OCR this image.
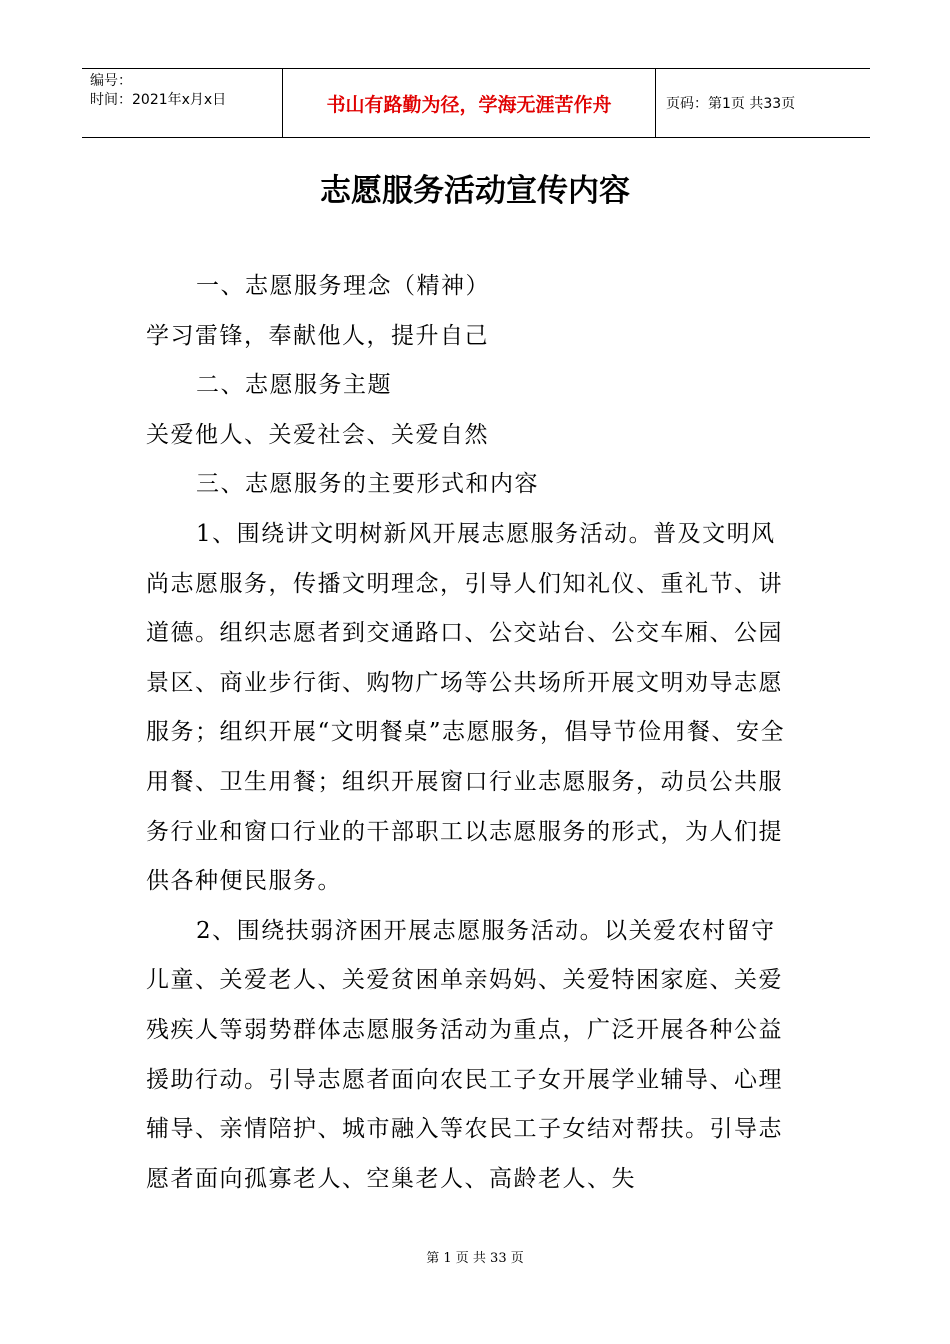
编号：
时间：2021年x月x日	书山有路勤为径，学海无涯苦作舟	页码：第1页 共33页
志愿服务活动宣传内容

一、志愿服务理念（精神）

学习雷锋，奉献他人，提升自己

二、志愿服务主题

关爱他人、关爱社会、关爱自然

三、志愿服务的主要形式和内容

1、围绕讲文明树新风开展志愿服务活动。普及文明风尚志愿服务，传播文明理念，引导人们知礼仪、重礼节、讲道德。组织志愿者到交通路口、公交站台、公交车厢、公园景区、商业步行街、购物广场等公共场所开展文明劝导志愿服务；组织开展“文明餐桌”志愿服务，倡导节俭用餐、安全用餐、卫生用餐；组织开展窗口行业志愿服务，动员公共服务行业和窗口行业的干部职工以志愿服务的形式，为人们提供各种便民服务。

2、围绕扶弱济困开展志愿服务活动。以关爱农村留守儿童、关爱老人、关爱贫困单亲妈妈、关爱特困家庭、关爱残疾人等弱势群体志愿服务活动为重点，广泛开展各种公益援助行动。引导志愿者面向农民工子女开展学业辅导、心理辅导、亲情陪护、城市融入等农民工子女结对帮扶。引导志愿者面向孤寡老人、空巢老人、高龄老人、失

第 1 页 共 33 页
